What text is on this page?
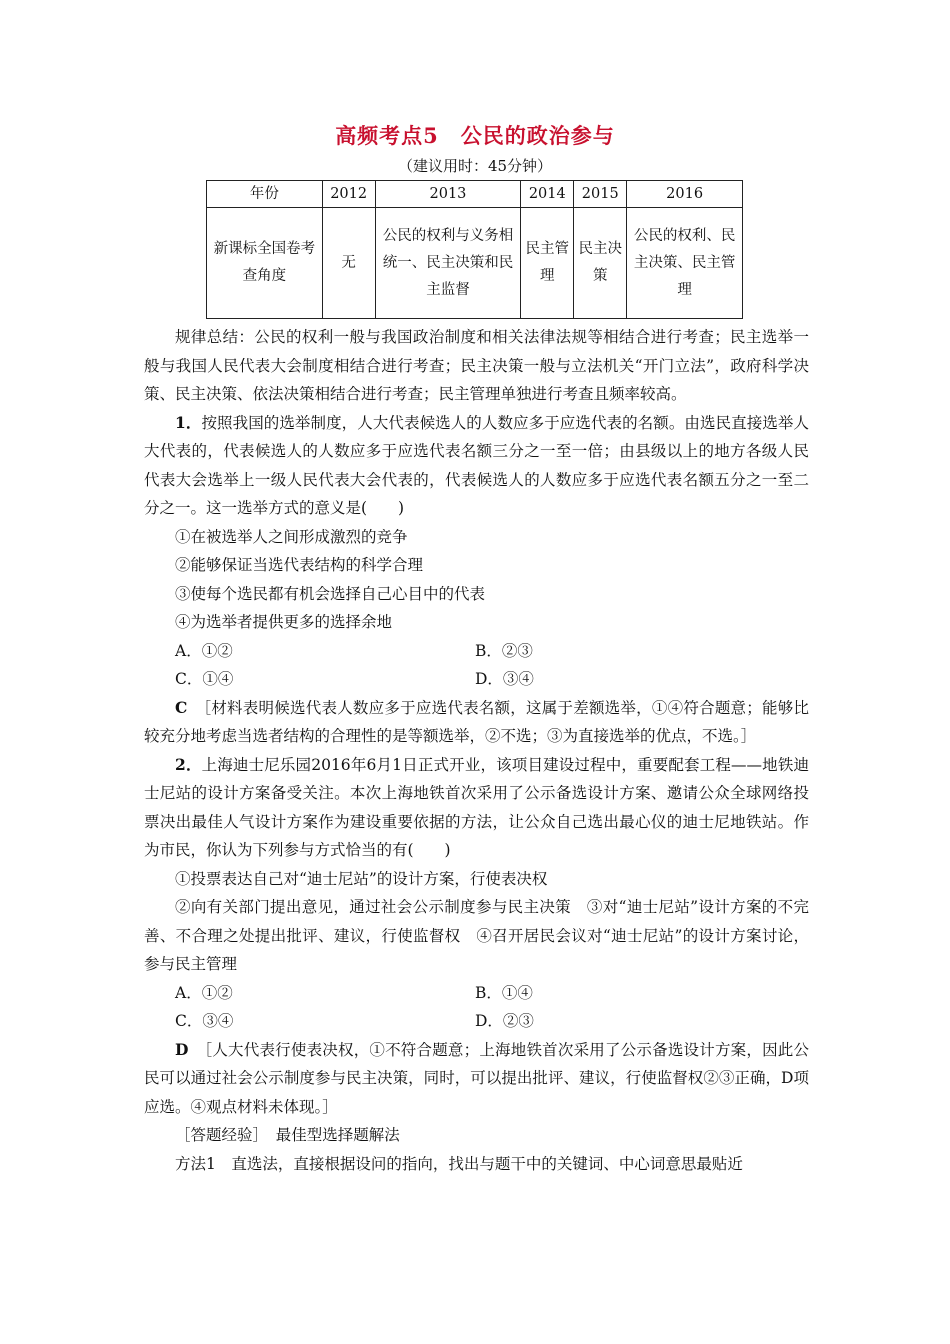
高频考点5　公民的政治参与
（建议用时：45分钟）
年份	2012	2013	2014	2015	2016
新课标全国卷考查角度	无	公民的权利与义务相统一、民主决策和民主监督	民主管理	民主决策	公民的权利、民主决策、民主管理

规律总结：公民的权利一般与我国政治制度和相关法律法规等相结合进行考查；民主选举一般与我国人民代表大会制度相结合进行考查；民主决策一般与立法机关“开门立法”，政府科学决策、民主决策、依法决策相结合进行考查；民主管理单独进行考查且频率较高。

1．按照我国的选举制度，人大代表候选人的人数应多于应选代表的名额。由选民直接选举人大代表的，代表候选人的人数应多于应选代表名额三分之一至一倍；由县级以上的地方各级人民代表大会选举上一级人民代表大会代表的，代表候选人的人数应多于应选代表名额五分之一至二分之一。这一选举方式的意义是(　　)

①在被选举人之间形成激烈的竞争

②能够保证当选代表结构的科学合理

③使每个选民都有机会选择自己心目中的代表

④为选举者提供更多的选择余地

A．①②	B．②③
C．①④	D．③④

C　 ［材料表明候选代表人数应多于应选代表名额，这属于差额选举，①④符合题意；能够比较充分地考虑当选者结构的合理性的是等额选举，②不选；③为直接选举的优点，不选。］

2．上海迪士尼乐园2016年6月1日正式开业，该项目建设过程中，重要配套工程——地铁迪士尼站的设计方案备受关注。本次上海地铁首次采用了公示备选设计方案、邀请公众全球网络投票决出最佳人气设计方案作为建设重要依据的方法，让公众自己选出最心仪的迪士尼地铁站。作为市民，你认为下列参与方式恰当的有(　　)

①投票表达自己对“迪士尼站”的设计方案，行使表决权

②向有关部门提出意见，通过社会公示制度参与民主决策　③对“迪士尼站”设计方案的不完善、不合理之处提出批评、建议，行使监督权　④召开居民会议对“迪士尼站”的设计方案讨论，参与民主管理

A．①②	B．①④
C．③④	D．②③

D　 ［人大代表行使表决权，①不符合题意；上海地铁首次采用了公示备选设计方案，因此公民可以通过社会公示制度参与民主决策，同时，可以提出批评、建议，行使监督权②③正确，D项应选。④观点材料未体现。］

［答题经验］　最佳型选择题解法

方法1　直选法，直接根据设问的指向，找出与题干中的关键词、中心词意思最贴近
